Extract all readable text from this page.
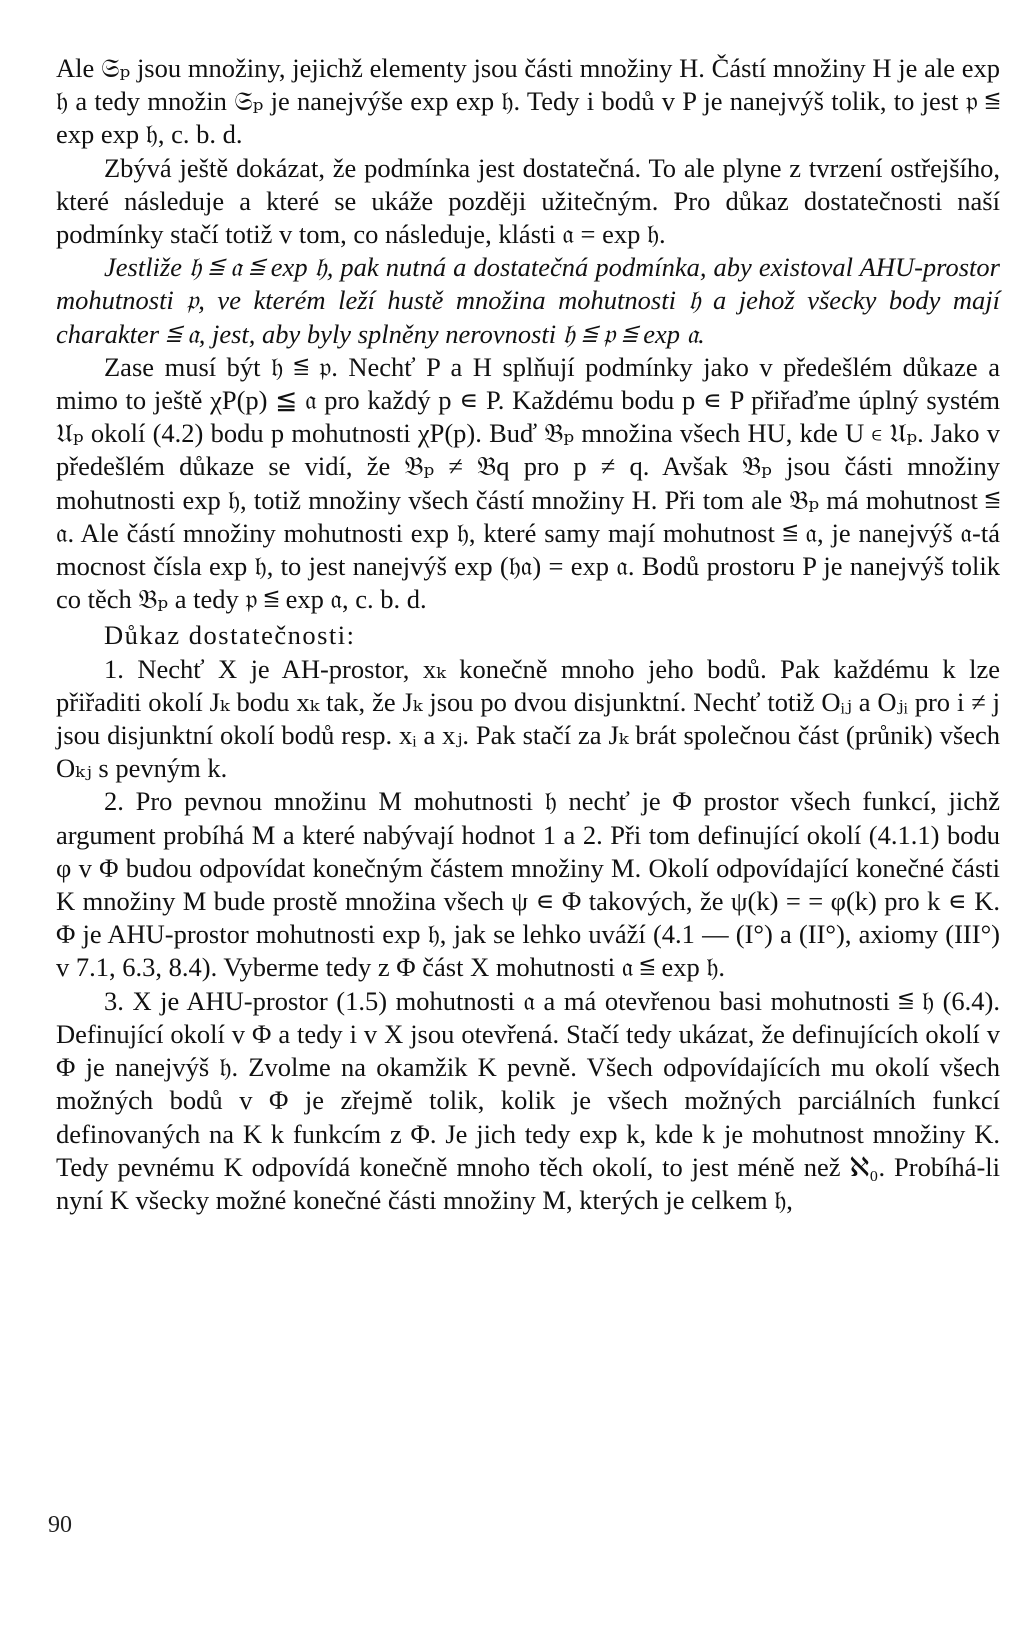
Ale 𝔖ₚ jsou množiny, jejichž elementy jsou části množiny H. Částí množiny H je ale exp 𝔥 a tedy množin 𝔖ₚ je nanejvýše exp exp 𝔥. Tedy i bodů v P je nanejvýš tolik, to jest 𝔭 ≦ exp exp 𝔥, c. b. d.

Zbývá ještě dokázat, že podmínka jest dostatečná. To ale plyne z tvrzení ostřejšího, které následuje a které se ukáže později užitečným. Pro důkaz dostatečnosti naší podmínky stačí totiž v tom, co následuje, klásti 𝔞 = exp 𝔥.

Jestliže 𝔥 ≦ 𝔞 ≦ exp 𝔥, pak nutná a dostatečná podmínka, aby existoval AHU-prostor mohutnosti 𝔭, ve kterém leží hustě množina mohutnosti 𝔥 a jehož všecky body mají charakter ≦ 𝔞, jest, aby byly splněny nerovnosti 𝔥 ≦ 𝔭 ≦ exp 𝔞.

Zase musí být 𝔥 ≦ 𝔭. Nechť P a H splňují podmínky jako v předešlém důkaze a mimo to ještě χP(p) ≦ 𝔞 pro každý p ∊ P. Každému bodu p ∊ P přiřaďme úplný systém 𝔘ₚ okolí (4.2) bodu p mohutnosti χP(p). Buď 𝔅ₚ množina všech HU, kde U ∊ 𝔘ₚ. Jako v předešlém důkaze se vidí, že 𝔅ₚ ≠ 𝔅q pro p ≠ q. Avšak 𝔅ₚ jsou části množiny mohutnosti exp 𝔥, totiž množiny všech částí množiny H. Při tom ale 𝔅ₚ má mohutnost ≦ 𝔞. Ale částí množiny mohutnosti exp 𝔥, které samy mají mohutnost ≦ 𝔞, je nanejvýš 𝔞-tá mocnost čísla exp 𝔥, to jest nanejvýš exp (𝔥𝔞) = exp 𝔞. Bodů prostoru P je nanejvýš tolik co těch 𝔅ₚ a tedy 𝔭 ≦ exp 𝔞, c. b. d.

Důkaz dostatečnosti:

1. Nechť X je AH-prostor, xₖ konečně mnoho jeho bodů. Pak každému k lze přiřaditi okolí Jₖ bodu xₖ tak, že Jₖ jsou po dvou disjunktní. Nechť totiž Oᵢⱼ a Oⱼᵢ pro i ≠ j jsou disjunktní okolí bodů resp. xᵢ a xⱼ. Pak stačí za Jₖ brát společnou část (průnik) všech Oₖⱼ s pevným k.

2. Pro pevnou množinu M mohutnosti 𝔥 nechť je Φ prostor všech funkcí, jichž argument probíhá M a které nabývají hodnot 1 a 2. Při tom definující okolí (4.1.1) bodu φ v Φ budou odpovídat konečným částem množiny M. Okolí odpovídající konečné části K množiny M bude prostě množina všech ψ ∊ Φ takových, že ψ(k) = = φ(k) pro k ∊ K. Φ je AHU-prostor mohutnosti exp 𝔥, jak se lehko uváží (4.1 — (I°) a (II°), axiomy (III°) v 7.1, 6.3, 8.4). Vyberme tedy z Φ část X mohutnosti 𝔞 ≦ exp 𝔥.

3. X je AHU-prostor (1.5) mohutnosti 𝔞 a má otevřenou basi mohutnosti ≦ 𝔥 (6.4). Definující okolí v Φ a tedy i v X jsou otevřená. Stačí tedy ukázat, že definujících okolí v Φ je nanejvýš 𝔥. Zvolme na okamžik K pevně. Všech odpovídajících mu okolí všech možných bodů v Φ je zřejmě tolik, kolik je všech možných parciálních funkcí definovaných na K k funkcím z Φ. Je jich tedy exp k, kde k je mohutnost množiny K. Tedy pevnému K odpovídá konečně mnoho těch okolí, to jest méně než ℵ₀. Probíhá-li nyní K všecky možné konečné části množiny M, kterých je celkem 𝔥,

90
